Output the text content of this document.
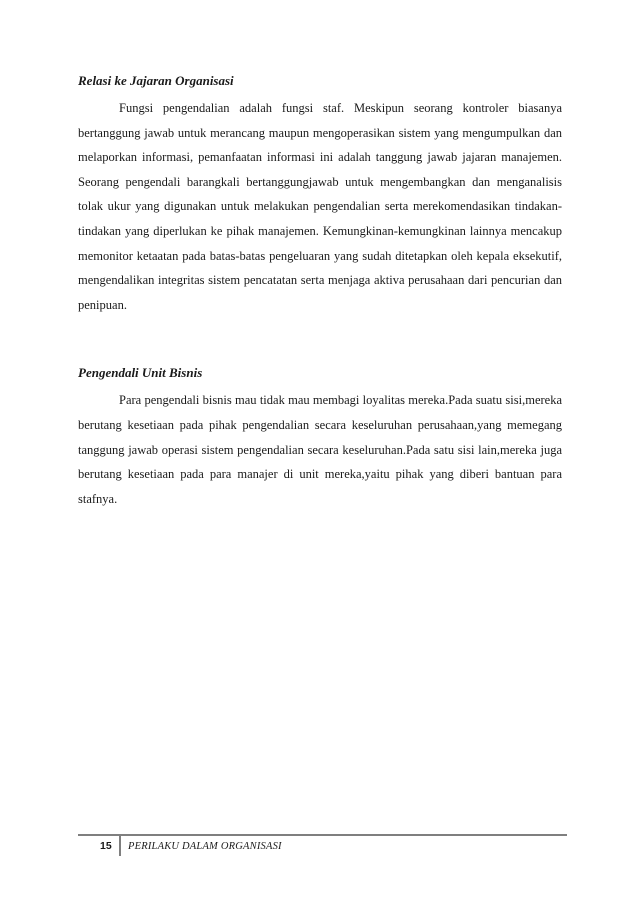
Relasi ke Jajaran Organisasi

Fungsi pengendalian adalah fungsi staf. Meskipun seorang kontroler biasanya bertanggung jawab untuk merancang maupun mengoperasikan sistem yang mengumpulkan dan melaporkan informasi, pemanfaatan informasi ini adalah tanggung jawab jajaran manajemen. Seorang pengendali barangkali bertanggungjawab untuk mengembangkan dan menganalisis tolak ukur yang digunakan untuk melakukan pengendalian serta merekomendasikan tindakan-tindakan yang diperlukan ke pihak manajemen. Kemungkinan-kemungkinan lainnya mencakup memonitor ketaatan pada batas-batas pengeluaran yang sudah ditetapkan oleh kepala eksekutif, mengendalikan integritas sistem pencatatan serta menjaga aktiva perusahaan dari pencurian dan penipuan.

Pengendali Unit Bisnis

Para pengendali bisnis mau tidak mau membagi loyalitas mereka.Pada suatu sisi,mereka berutang kesetiaan pada pihak pengendalian secara keseluruhan perusahaan,yang memegang tanggung jawab operasi sistem pengendalian secara keseluruhan.Pada satu sisi lain,mereka juga berutang kesetiaan pada para manajer di unit mereka,yaitu pihak yang diberi bantuan para stafnya.

15 PERILAKU DALAM ORGANISASI
